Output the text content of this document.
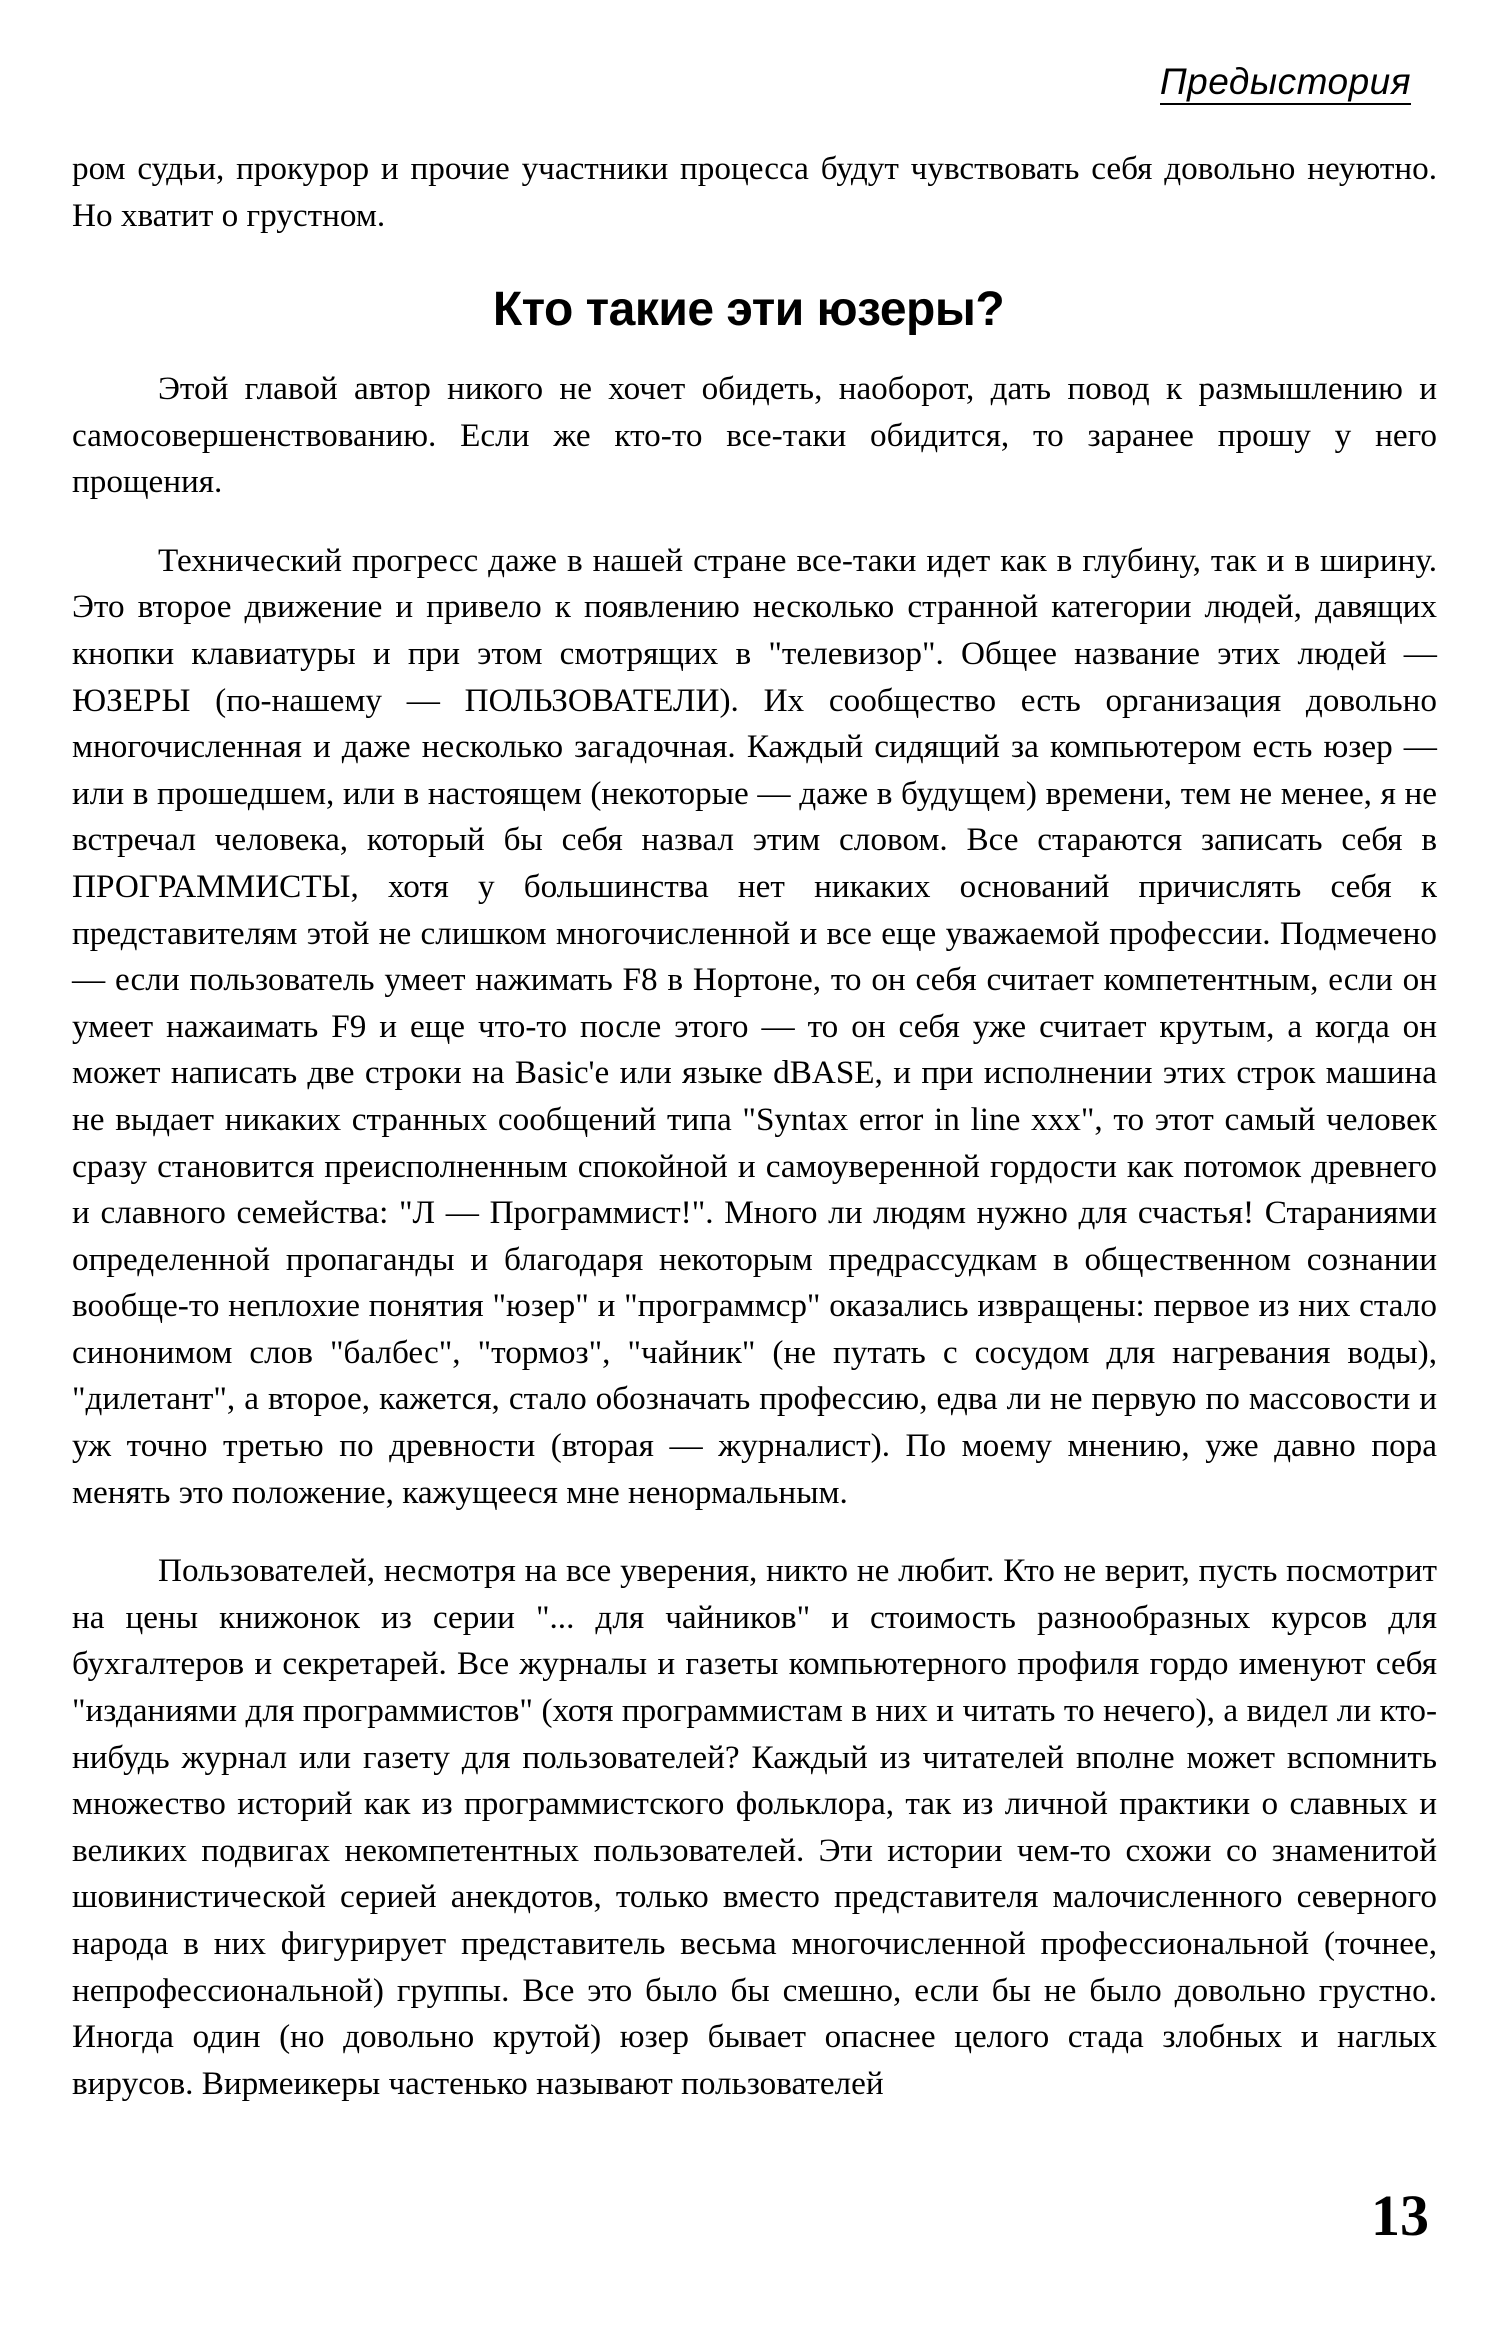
Предыстория

ром судьи, прокурор и прочие участники процесса будут чувствовать себя довольно неуютно. Но хватит о грустном.

Кто такие эти юзеры?

Этой главой автор никого не хочет обидеть, наоборот, дать повод к размышлению и самосовершенствованию. Если же кто-то все-таки обидится, то заранее прошу у него прощения.

Технический прогресс даже в нашей стране все-таки идет как в глубину, так и в ширину. Это второе движение и привело к появлению несколько странной категории людей, давящих кнопки клавиатуры и при этом смотрящих в "телевизор". Общее название этих людей — ЮЗЕРЫ (по-нашему — ПОЛЬЗОВАТЕЛИ). Их сообщество есть организация довольно многочисленная и даже несколько загадочная. Каждый сидящий за компьютером есть юзер — или в прошедшем, или в настоящем (некоторые — даже в будущем) времени, тем не менее, я не встречал человека, который бы себя назвал этим словом. Все стараются записать себя в ПРОГРАММИСТЫ, хотя у большинства нет никаких оснований причислять себя к представителям этой не слишком многочисленной и все еще уважаемой профессии. Подмечено — если пользователь умеет нажимать F8 в Нортоне, то он себя считает компетентным, если он умеет нажаимать F9 и еще что-то после этого — то он себя уже считает крутым, а когда он может написать две строки на Basic'e или языке dBASE, и при исполнении этих строк машина не выдает никаких странных сообщений типа "Syntax error in line xxx", то этот самый человек сразу становится преисполненным спокойной и самоуверенной гордости как потомок древнего и славного семейства: "Л — Программист!". Много ли людям нужно для счастья! Стараниями определенной пропаганды и благодаря некоторым предрассудкам в общественном сознании вообще-то неплохие понятия "юзер" и "программср" оказались извращены: первое из них стало синонимом слов "балбес", "тормоз", "чайник" (не путать с сосудом для нагревания воды), "дилетант", а второе, кажется, стало обозначать профессию, едва ли не первую по массовости и уж точно третью по древности (вторая — журналист). По моему мнению, уже давно пора менять это положение, кажущееся мне ненормальным.

Пользователей, несмотря на все уверения, никто не любит. Кто не верит, пусть посмотрит на цены книжонок из серии "... для чайников" и стоимость разнообразных курсов для бухгалтеров и секретарей. Все журналы и газеты компьютерного профиля гордо именуют себя "изданиями для программистов" (хотя программистам в них и читать то нечего), а видел ли кто-нибудь журнал или газету для пользователей? Каждый из читателей вполне может вспомнить множество историй как из программистского фольклора, так из личной практики о славных и великих подвигах некомпетентных пользователей. Эти истории чем-то схожи со знаменитой шовинистической серией анекдотов, только вместо представителя малочисленного северного народа в них фигурирует представитель весьма многочисленной профессиональной (точнее, непрофессиональной) группы. Все это было бы смешно, если бы не было довольно грустно. Иногда один (но довольно крутой) юзер бывает опаснее целого стада злобных и наглых вирусов. Вирмеикеры частенько называют пользователей

13
